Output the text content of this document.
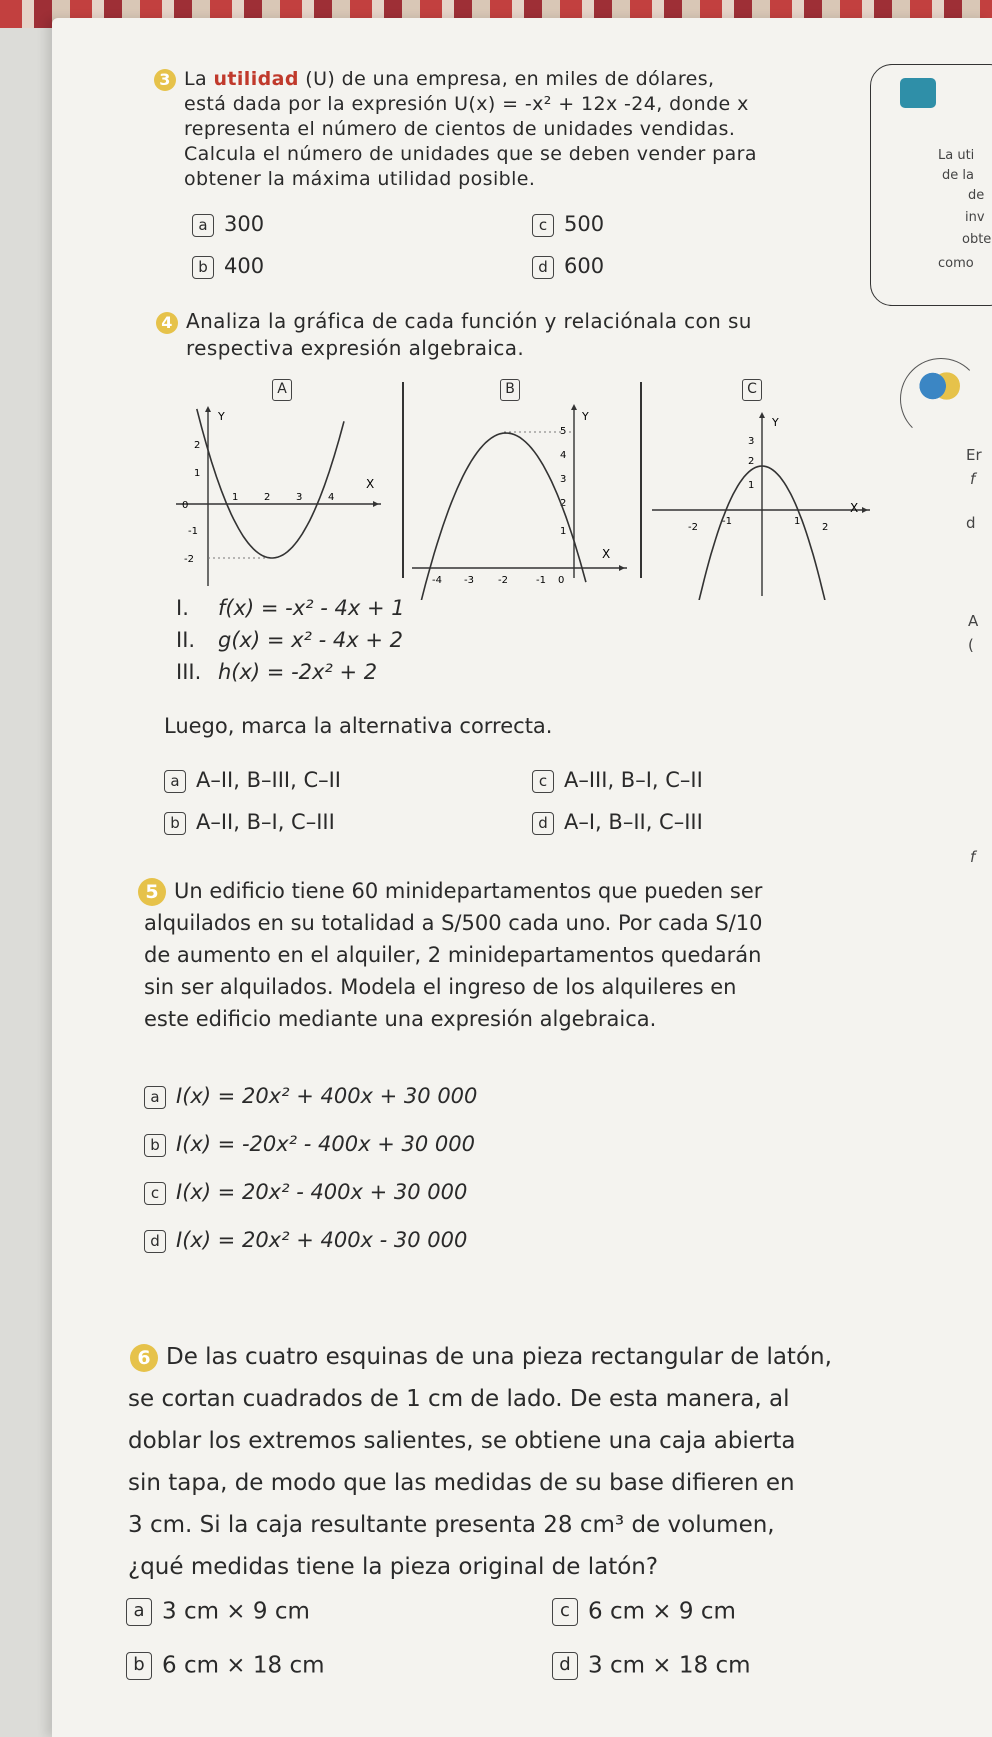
3 La utilidad (U) de una empresa, en miles de dólares,
está dada por la expresión U(x) = -x² + 12x -24, donde x
representa el número de cientos de unidades vendidas.
Calcula el número de unidades que se deben vender para
obtener la máxima utilidad posible.
a 300	c 500
b 400	d 600
La uti
de la
de
inv
obte
como
4 Analiza la gráfica de cada función y relaciónala con su
respectiva expresión algebraica.
A
Y
X
0
1	2	3	4
2
1
-1
-2
B
Y
X
-4 -3 -2	-1 0
5
4
3
2
1
C
Y
X
-2
-1	1
2
3
2
1
Er
f
d
A
(
I. f(x) = -x² - 4x + 1
II. g(x) = x² - 4x + 2
III. h(x) = -2x² + 2
Luego, marca la alternativa correcta.
a A–II, B–III, C–II	c A–III, B–I, C–II
b A–II, B–I, C–III	d A–I, B–II, C–III
f
5 Un edificio tiene 60 minidepartamentos que pueden ser
alquilados en su totalidad a S/500 cada uno. Por cada S/10
de aumento en el alquiler, 2 minidepartamentos quedarán
sin ser alquilados. Modela el ingreso de los alquileres en
este edificio mediante una expresión algebraica.
a I(x) = 20x² + 400x + 30 000
b I(x) = -20x² - 400x + 30 000
c I(x) = 20x² - 400x + 30 000
d I(x) = 20x² + 400x - 30 000
6 De las cuatro esquinas de una pieza rectangular de latón,
se cortan cuadrados de 1 cm de lado. De esta manera, al
doblar los extremos salientes, se obtiene una caja abierta
sin tapa, de modo que las medidas de su base difieren en
3 cm. Si la caja resultante presenta 28 cm³ de volumen,
¿qué medidas tiene la pieza original de latón?
a 3 cm × 9 cm	c 6 cm × 9 cm
b 6 cm × 18 cm	d 3 cm × 18 cm
